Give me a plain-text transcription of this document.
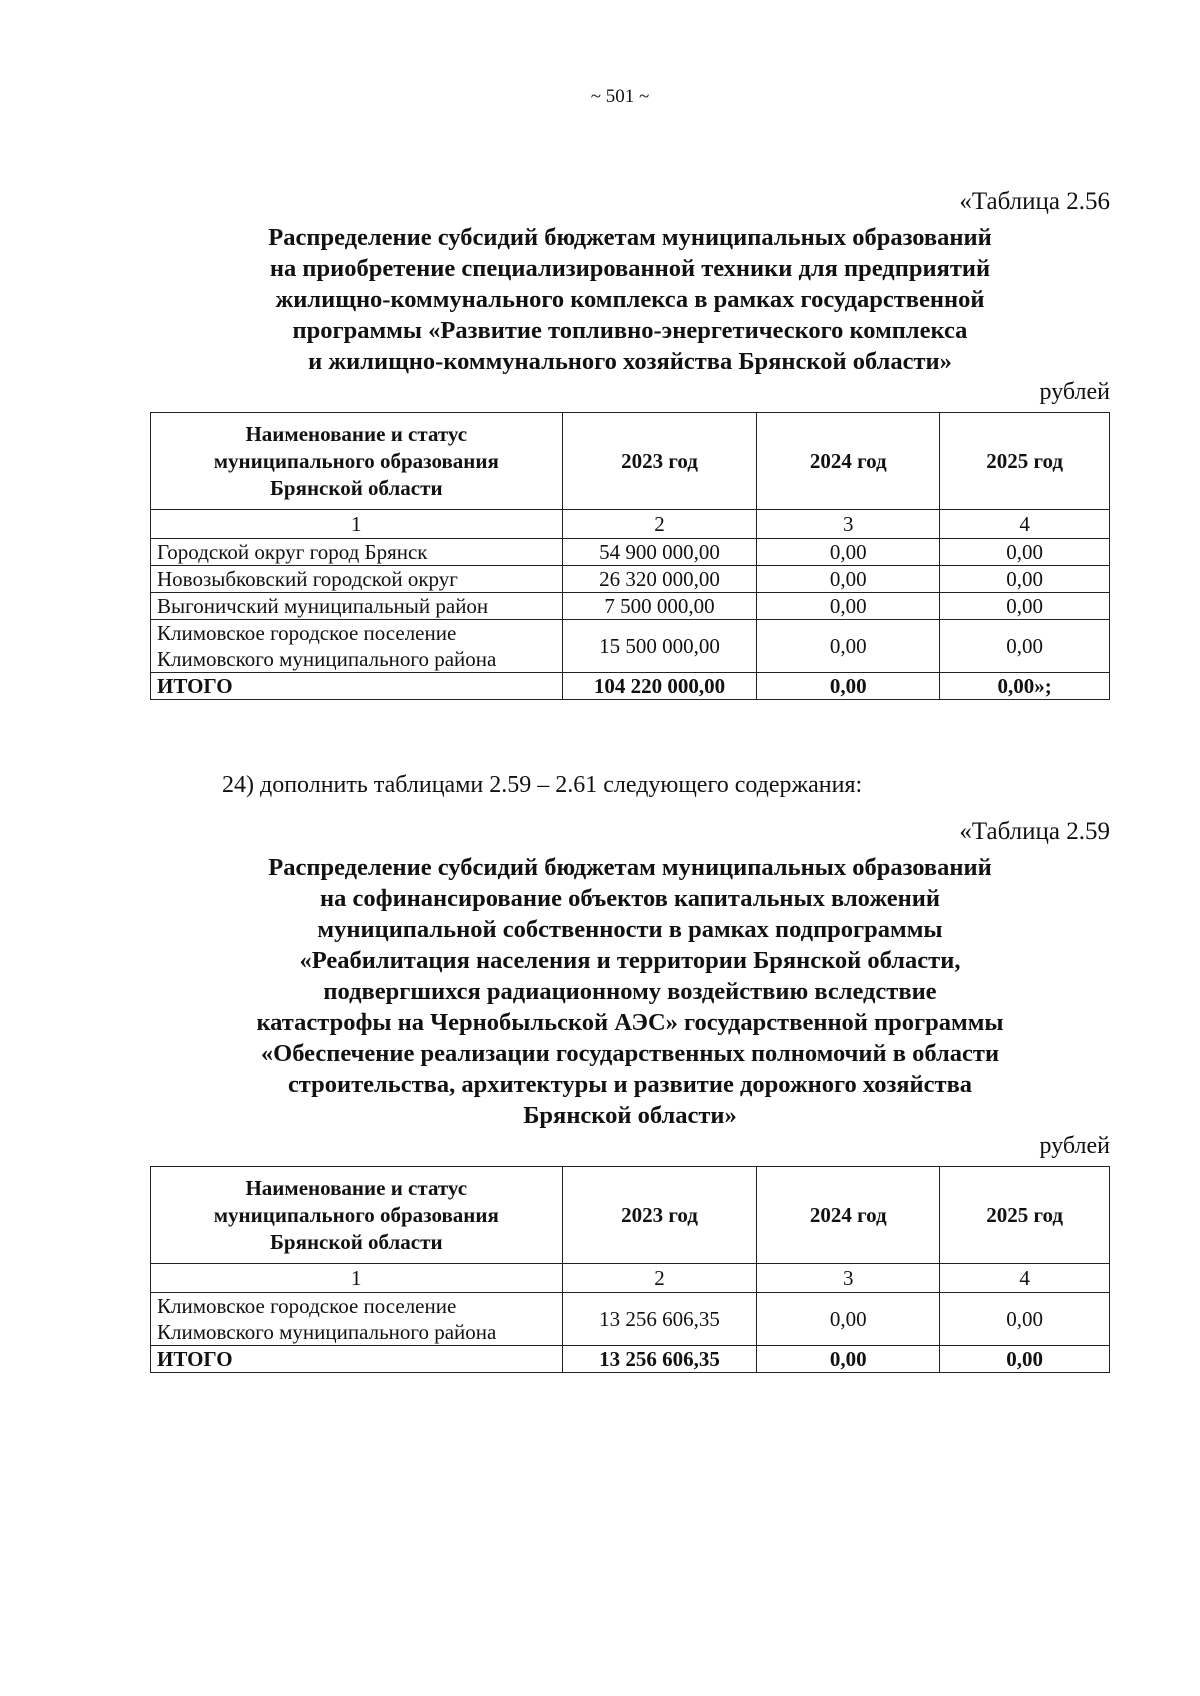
~ 501 ~

«Таблица 2.56

Распределение субсидий бюджетам муниципальных образований
на приобретение специализированной техники для предприятий
жилищно-коммунального комплекса в рамках государственной
программы «Развитие топливно-энергетического комплекса
и жилищно-коммунального хозяйства Брянской области»
рублей
Наименование и статус
муниципального образования
Брянской области	2023 год	2024 год	2025 год
1	2	3	4
Городской округ город Брянск	54 900 000,00	0,00	0,00
Новозыбковский городской округ	26 320 000,00	0,00	0,00
Выгоничский муниципальный район	7 500 000,00	0,00	0,00
Климовское городское поселение
Климовского муниципального района	15 500 000,00	0,00	0,00
ИТОГО	104 220 000,00	0,00	0,00»;
24) дополнить таблицами 2.59 – 2.61 следующего содержания:

«Таблица 2.59

Распределение субсидий бюджетам муниципальных образований
на софинансирование объектов капитальных вложений
муниципальной собственности в рамках подпрограммы
«Реабилитация населения и территории Брянской области,
подвергшихся радиационному воздействию вследствие
катастрофы на Чернобыльской АЭС» государственной программы
«Обеспечение реализации государственных полномочий в области
строительства, архитектуры и развитие дорожного хозяйства
Брянской области»
рублей
Наименование и статус
муниципального образования
Брянской области	2023 год	2024 год	2025 год
1	2	3	4
Климовское городское поселение
Климовского муниципального района	13 256 606,35	0,00	0,00
ИТОГО	13 256 606,35	0,00	0,00
